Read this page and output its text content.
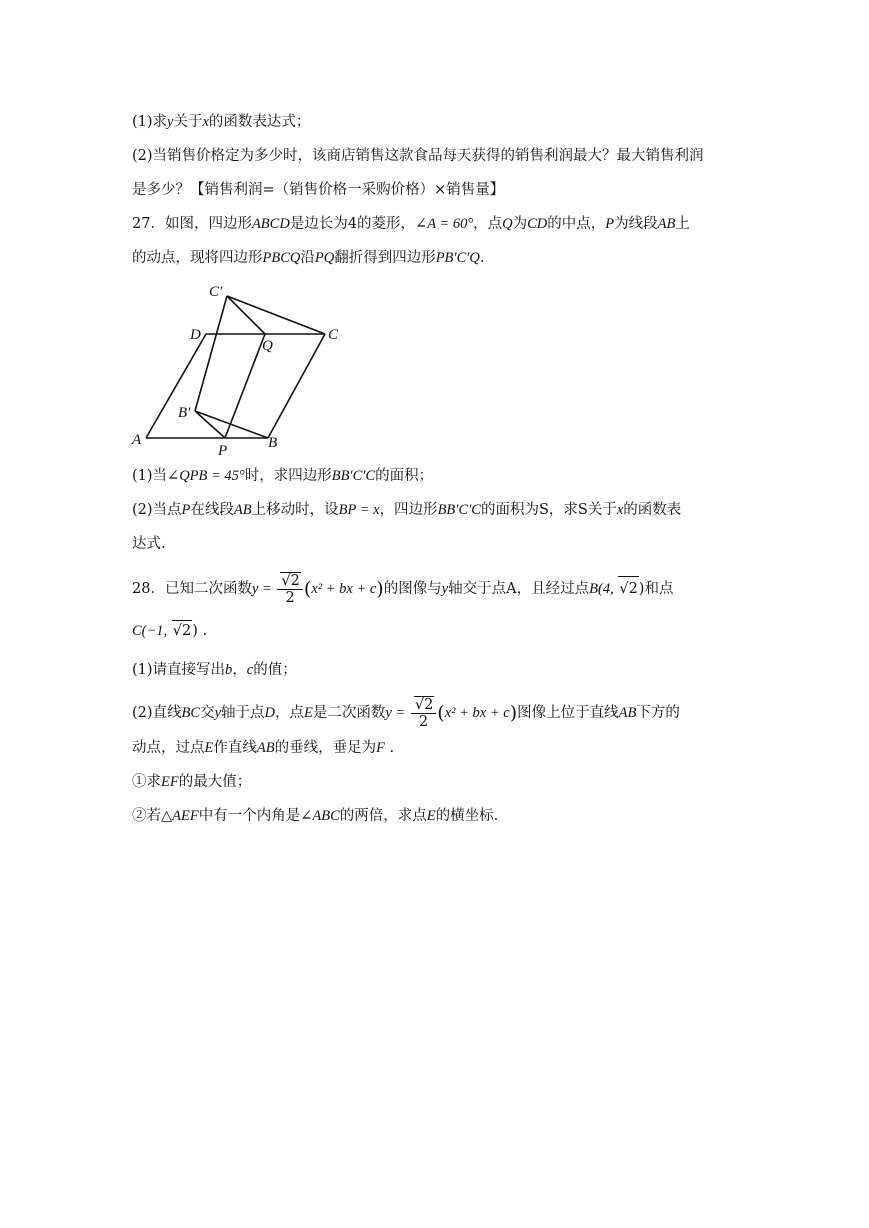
(1)求y关于x的函数表达式；
(2)当销售价格定为多少时，该商店销售这款食品每天获得的销售利润最大？最大销售利润
是多少？【销售利润=（销售价格一采购价格）×销售量】
27．如图，四边形ABCD是边长为4的菱形，∠A = 60°，点Q为CD的中点，P为线段AB上
的动点，现将四边形PBCQ沿PQ翻折得到四边形PB′C′Q.
C′
D
Q
C
B′
A
P	B
(1)当∠QPB = 45°时，求四边形BB′C′C的面积；
(2)当点P在线段AB上移动时，设BP = x，四边形BB′C′C的面积为S，求S关于x的函数表
达式.
28．已知二次函数$y = \frac{√2}{2} (x^2$ + bx + c)的图像与y轴交于点A，且经过点B(4, √2)和点
C(−1, √2) .
(1)请直接写出b，c的值；
(2)直线BC交y轴于点D，点E是二次函数$y = \frac{√2}{2} (x^2$ + bx + c)图像上位于直线AB下方的
动点，过点E作直线AB的垂线，垂足为F .
①求EF的最大值；
②若△AEF中有一个内角是∠ABC的两倍，求点E的横坐标.
